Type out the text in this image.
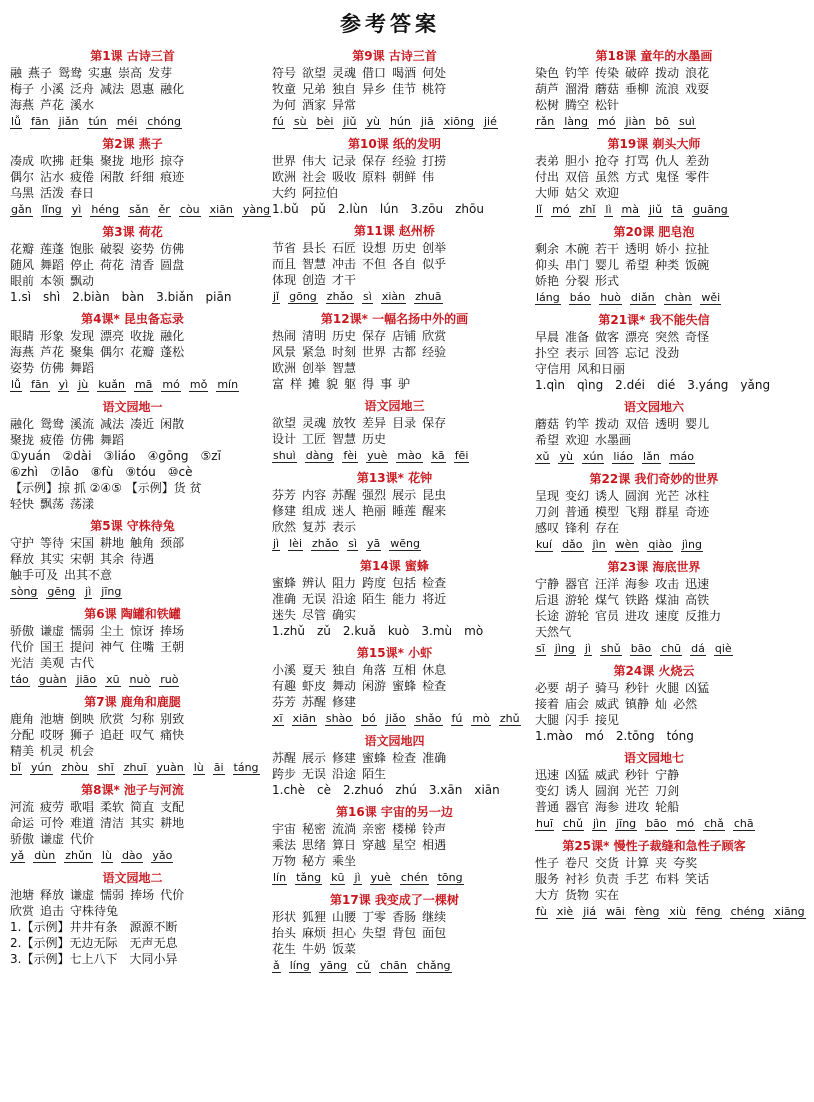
参考答案
第1课 古诗三首
融 燕子 鸳鸯 实惠 崇高 发芽
梅子 小溪 泛舟 减法 恩惠 融化
海燕 芦花 溪水
lǚ fān jiǎn tún méi chóng
第2课 燕子
凑成 吹拂 赶集 聚拢 地形 掠夺
偶尔 沾水 疲倦 闲散 纤细 痕迹
乌黑 活泼 春日
gǎn lǐng yì héng sǎn ěr còu xiān yàng
第3课 荷花
花瓣 莲蓬 饱胀 破裂 姿势 仿佛
随风 舞蹈 停止 荷花 清香 圆盘
眼前 本领 飘动
1.sì　shì　2.biàn　bàn　3.biǎn　piān
第4课* 昆虫备忘录
眼睛 形象 发现 漂亮 收拢 融化
海燕 芦花 聚集 偶尔 花瓣 蓬松
姿势 仿佛 舞蹈
lǚ fān yì jù kuǎn mā mó mǒ mín
语文园地一
融化 鸳鸯 溪流 减法 凑近 闲散
聚拢 疲倦 仿佛 舞蹈
①yuán　②dài　③liáo　④gōng　⑤zī
⑥zhì　⑦lāo　⑧fù　⑨tóu　⑩cè
【示例】掠 抓 ②④⑤ 【示例】货 贫
轻快 飘荡 荡漾
第5课 守株待兔
守护 等待 宋国 耕地 触角 颈部
释放 其实 宋朝 其余 待遇
触手可及 出其不意
sòng gēng jì jīng
第6课 陶罐和铁罐
骄傲 谦虚 懦弱 尘土 惊讶 捧场
代价 国王 提问 神气 住嘴 王朝
光洁 美观 古代
táo guàn jiāo xū nuò ruò
第7课 鹿角和鹿腿
鹿角 池塘 倒映 欣赏 匀称 别致
分配 哎呀 狮子 追赶 叹气 痛快
精美 机灵 机会
bǐ yún zhòu shī zhuī yuàn lù āi táng
第8课* 池子与河流
河流 疲劳 歌唱 柔软 简直 支配
命运 可怜 难道 清洁 其实 耕地
骄傲 谦虚 代价
yǎ dùn zhǔn lù dào yǎo
语文园地二
池塘 释放 谦虚 懦弱 捧场 代价
欣赏 追击 守株待兔
1.【示例】井井有条　源源不断
2.【示例】无边无际　无声无息
3.【示例】七上八下　大同小异
第9课 古诗三首
符号 欲望 灵魂 借口 喝酒 何处
牧童 兄弟 独自 异乡 佳节 桃符
为何 酒家 异常
fú sù bèi jiǔ yù hún jiā xiōng jié
第10课 纸的发明
世界 伟大 记录 保存 经验 打捞
欧洲 社会 吸收 原料 朝鲜 伟
大约 阿拉伯
1.bǔ　pǔ　2.lùn　lún　3.zōu　zhōu
第11课 赵州桥
节省 县长 石匠 设想 历史 创举
而且 智慧 冲击 不但 各自 似乎
体现 创造 才干
jǐ gōng zhǎo sì xiàn zhuā
第12课* 一幅名扬中外的画
热闹 清明 历史 保存 店铺 欣赏
风景 紧急 时刻 世界 古都 经验
欧洲 创举 智慧
富 样 摊 貌 躯 得 事 驴
语文园地三
欲望 灵魂 放牧 差异 目录 保存
设计 工匠 智慧 历史
shuì dàng fèi yuè mào kā fēi
第13课* 花钟
芬芳 内容 苏醒 强烈 展示 昆虫
修建 组成 迷人 艳丽 睡莲 醒来
欣然 复苏 表示
jì lèi zhǎo sì yā wēng
第14课 蜜蜂
蜜蜂 辨认 阻力 跨度 包括 检查
准确 无误 沿途 陌生 能力 将近
迷失 尽管 确实
1.zhǔ　zǔ　2.kuǎ　kuò　3.mù　mò
第15课* 小虾
小溪 夏天 独自 角落 互相 休息
有趣 虾皮 舞动 闲游 蜜蜂 检查
芬芳 苏醒 修建
xī xiān shào bó jiǎo shǎo fú mò zhǔ
语文园地四
苏醒 展示 修建 蜜蜂 检查 准确
跨步 无误 沿途 陌生
1.chè　cè　2.zhuó　zhú　3.xān　xiān
第16课 宇宙的另一边
宇宙 秘密 流淌 亲密 楼梯 铃声
乘法 思绪 算日 穿越 星空 相遇
万物 秘方 乘坐
lín tǎng kū jì yuè chén tōng
第17课 我变成了一棵树
形状 狐狸 山腰 丁零 香肠 继续
抬头 麻烦 担心 失望 背包 面包
花生 牛奶 饭菜
ǎ líng yāng cǔ chān chǎng
第18课 童年的水墨画
染色 钓竿 传染 破碎 拨动 浪花
葫芦 溜滑 蘑菇 垂柳 流浪 戏耍
松树 腾空 松针
rǎn làng mó jiàn bō suì
第19课 剃头大师
表弟 胆小 抢夺 打骂 仇人 差劲
付出 双倍 虽然 方式 鬼怪 零件
大师 姑父 欢迎
lǐ mó zhǐ lì mà jiǔ tā guāng
第20课 肥皂泡
剩余 木碗 若干 透明 娇小 拉扯
仰头 串门 婴儿 希望 种类 饭碗
娇艳 分裂 形式
láng báo huò diǎn chàn wěi
第21课* 我不能失信
早晨 准备 做客 漂亮 突然 奇怪
扑空 表示 回答 忘记 没劲
守信用 风和日丽
1.qìn　qìng　2.déi　dié　3.yáng　yǎng
语文园地六
蘑菇 钓竿 拨动 双倍 透明 婴儿
希望 欢迎 水墨画
xǔ yù xún liáo lǎn máo
第22课 我们奇妙的世界
呈现 变幻 诱人 圆润 光芒 冰柱
刀剑 普通 模型 飞翔 群星 奇迹
感叹 锋利 存在
kuí dǎo jìn wèn qiào jìng
第23课 海底世界
宁静 器官 汪洋 海参 攻击 迅速
后退 游轮 煤气 铁路 煤油 高铁
长途 游轮 官员 进攻 速度 反推力
天然气
sī jìng jì shǔ bāo chū dá qiè
第24课 火烧云
必要 胡子 骑马 秒针 火腿 凶猛
接着 庙会 威武 镇静 灿 必然
大腿 闪手 接见
1.mào　mó　2.tōng　tóng
语文园地七
迅速 凶猛 威武 秒针 宁静
变幻 诱人 圆润 光芒 刀剑
普通 器官 海参 进攻 轮船
huī chǔ jìn jīng bāo mó chǎ chā
第25课* 慢性子裁缝和急性子顾客
性子 卷尺 交货 计算 夹 夸奖
服务 衬衫 负责 手艺 布料 笑话
大方 货物 实在
fù xiè jiá wāi fèng xiù fēng chéng xiāng
